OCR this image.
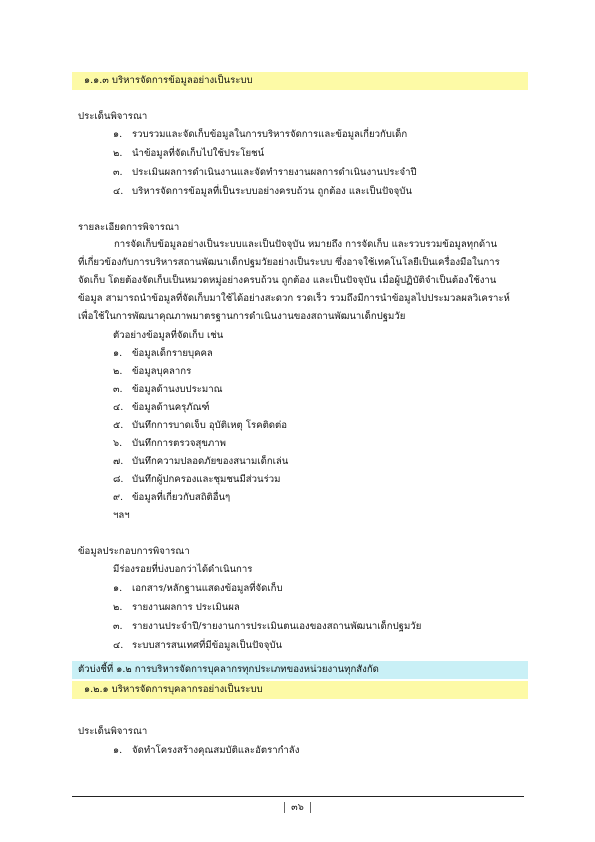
๑.๑.๓ บริหารจัดการข้อมูลอย่างเป็นระบบ
ประเด็นพิจารณา
๑. รวบรวมและจัดเก็บข้อมูลในการบริหารจัดการและข้อมูลเกี่ยวกับเด็ก
๒. นำข้อมูลที่จัดเก็บไปใช้ประโยชน์
๓. ประเมินผลการดำเนินงานและจัดทำรายงานผลการดำเนินงานประจำปี
๔. บริหารจัดการข้อมูลที่เป็นระบบอย่างครบถ้วน ถูกต้อง และเป็นปัจจุบัน
รายละเอียดการพิจารณา
การจัดเก็บข้อมูลอย่างเป็นระบบและเป็นปัจจุบัน หมายถึง การจัดเก็บ และรวบรวมข้อมูลทุกด้าน
ที่เกี่ยวข้องกับการบริหารสถานพัฒนาเด็กปฐมวัยอย่างเป็นระบบ ซึ่งอาจใช้เทคโนโลยีเป็นเครื่องมือในการ
จัดเก็บ โดยต้องจัดเก็บเป็นหมวดหมู่อย่างครบถ้วน ถูกต้อง และเป็นปัจจุบัน เมื่อผู้ปฏิบัติจำเป็นต้องใช้งาน
ข้อมูล สามารถนำข้อมูลที่จัดเก็บมาใช้ได้อย่างสะดวก รวดเร็ว รวมถึงมีการนำข้อมูลไปประมวลผลวิเคราะห์
เพื่อใช้ในการพัฒนาคุณภาพมาตรฐานการดำเนินงานของสถานพัฒนาเด็กปฐมวัย
ตัวอย่างข้อมูลที่จัดเก็บ เช่น
๑. ข้อมูลเด็กรายบุคคล
๒. ข้อมูลบุคลากร
๓. ข้อมูลด้านงบประมาณ
๔. ข้อมูลด้านครุภัณฑ์
๕. บันทึกการบาดเจ็บ อุบัติเหตุ โรคติดต่อ
๖. บันทึกการตรวจสุขภาพ
๗. บันทึกความปลอดภัยของสนามเด็กเล่น
๘. บันทึกผู้ปกครองและชุมชนมีส่วนร่วม
๙. ข้อมูลที่เกี่ยวกับสถิติอื่นๆ
ฯลฯ
ข้อมูลประกอบการพิจารณา
มีร่องรอยที่บ่งบอกว่าได้ดำเนินการ
๑. เอกสาร/หลักฐานแสดงข้อมูลที่จัดเก็บ
๒. รายงานผลการ ประเมินผล
๓. รายงานประจำปี/รายงานการประเมินตนเองของสถานพัฒนาเด็กปฐมวัย
๔. ระบบสารสนเทศที่มีข้อมูลเป็นปัจจุบัน
ตัวบ่งชี้ที่ ๑.๒ การบริหารจัดการบุคลากรทุกประเภทของหน่วยงานทุกสังกัด
๑.๒.๑ บริหารจัดการบุคลากรอย่างเป็นระบบ
ประเด็นพิจารณา
๑. จัดทำโครงสร้างคุณสมบัติและอัตรากำลัง
๓๖
